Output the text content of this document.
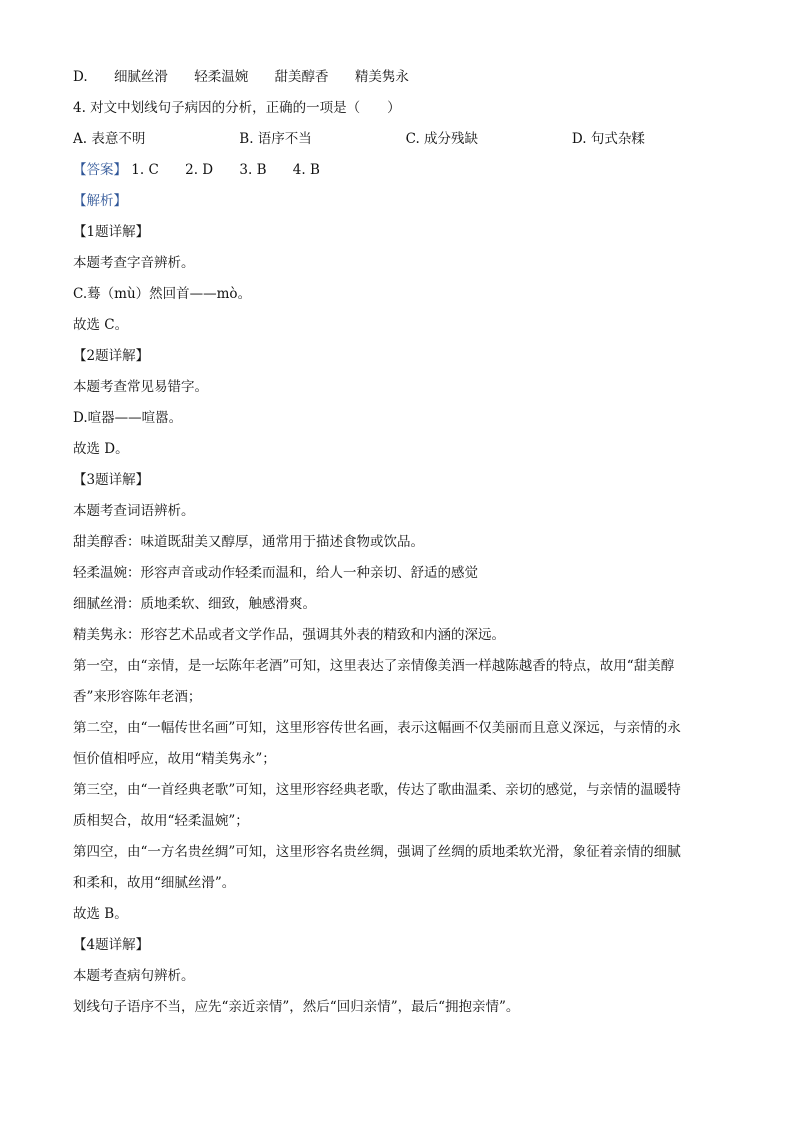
D. 细腻丝滑 轻柔温婉 甜美醇香 精美隽永
4. 对文中划线句子病因的分析，正确的一项是（　　）
A. 表意不明	B. 语序不当	C. 成分残缺	D. 句式杂糅
【答案】 1. C 2. D 3. B 4. B
【解析】
【1题详解】
本题考查字音辨析。
C.蓦（mù）然回首——mò。
故选 C。
【2题详解】
本题考查常见易错字。
D.喧器——喧嚣。
故选 D。
【3题详解】
本题考查词语辨析。
甜美醇香：味道既甜美又醇厚，通常用于描述食物或饮品。
轻柔温婉：形容声音或动作轻柔而温和，给人一种亲切、舒适的感觉
细腻丝滑：质地柔软、细致，触感滑爽。
精美隽永：形容艺术品或者文学作品，强调其外表的精致和内涵的深远。
第一空，由“亲情，是一坛陈年老酒”可知，这里表达了亲情像美酒一样越陈越香的特点，故用“甜美醇
香”来形容陈年老酒；
第二空，由“一幅传世名画”可知，这里形容传世名画，表示这幅画不仅美丽而且意义深远，与亲情的永
恒价值相呼应，故用“精美隽永”；
第三空，由“一首经典老歌”可知，这里形容经典老歌，传达了歌曲温柔、亲切的感觉，与亲情的温暖特
质相契合，故用“轻柔温婉”；
第四空，由“一方名贵丝绸”可知，这里形容名贵丝绸，强调了丝绸的质地柔软光滑，象征着亲情的细腻
和柔和，故用“细腻丝滑”。
故选 B。
【4题详解】
本题考查病句辨析。
划线句子语序不当，应先“亲近亲情”，然后“回归亲情”，最后“拥抱亲情”。
